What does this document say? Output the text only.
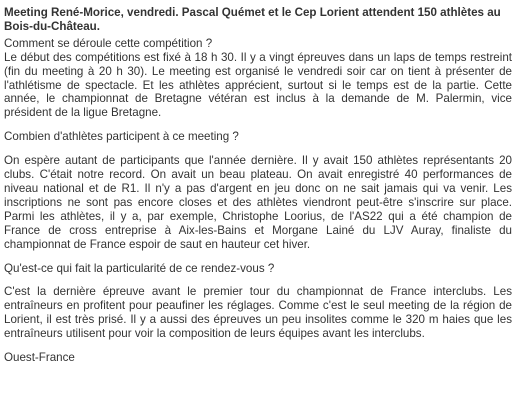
Meeting René-Morice, vendredi. Pascal Quémet et le Cep Lorient attendent 150 athlètes au Bois-du-Château.

Comment se déroule cette compétition ?

Le début des compétitions est fixé à 18 h 30. Il y a vingt épreuves dans un laps de temps restreint (fin du meeting à 20 h 30). Le meeting est organisé le vendredi soir car on tient à présenter de l'athlétisme de spectacle. Et les athlètes apprécient, surtout si le temps est de la partie. Cette année, le championnat de Bretagne vétéran est inclus à la demande de M. Palermin, vice président de la ligue Bretagne.

Combien d'athlètes participent à ce meeting ?

On espère autant de participants que l'année dernière. Il y avait 150 athlètes représentants 20 clubs. C'était notre record. On avait un beau plateau. On avait enregistré 40 performances de niveau national et de R1. Il n'y a pas d'argent en jeu donc on ne sait jamais qui va venir. Les inscriptions ne sont pas encore closes et des athlètes viendront peut-être s'inscrire sur place. Parmi les athlètes, il y a, par exemple, Christophe Loorius, de l'AS22 qui a été champion de France de cross entreprise à Aix-les-Bains et Morgane Lainé du LJV Auray, finaliste du championnat de France espoir de saut en hauteur cet hiver.

Qu'est-ce qui fait la particularité de ce rendez-vous ?

C'est la dernière épreuve avant le premier tour du championnat de France interclubs. Les entraîneurs en profitent pour peaufiner les réglages. Comme c'est le seul meeting de la région de Lorient, il est très prisé. Il y a aussi des épreuves un peu insolites comme le 320 m haies que les entraîneurs utilisent pour voir la composition de leurs équipes avant les interclubs.

Ouest-France
